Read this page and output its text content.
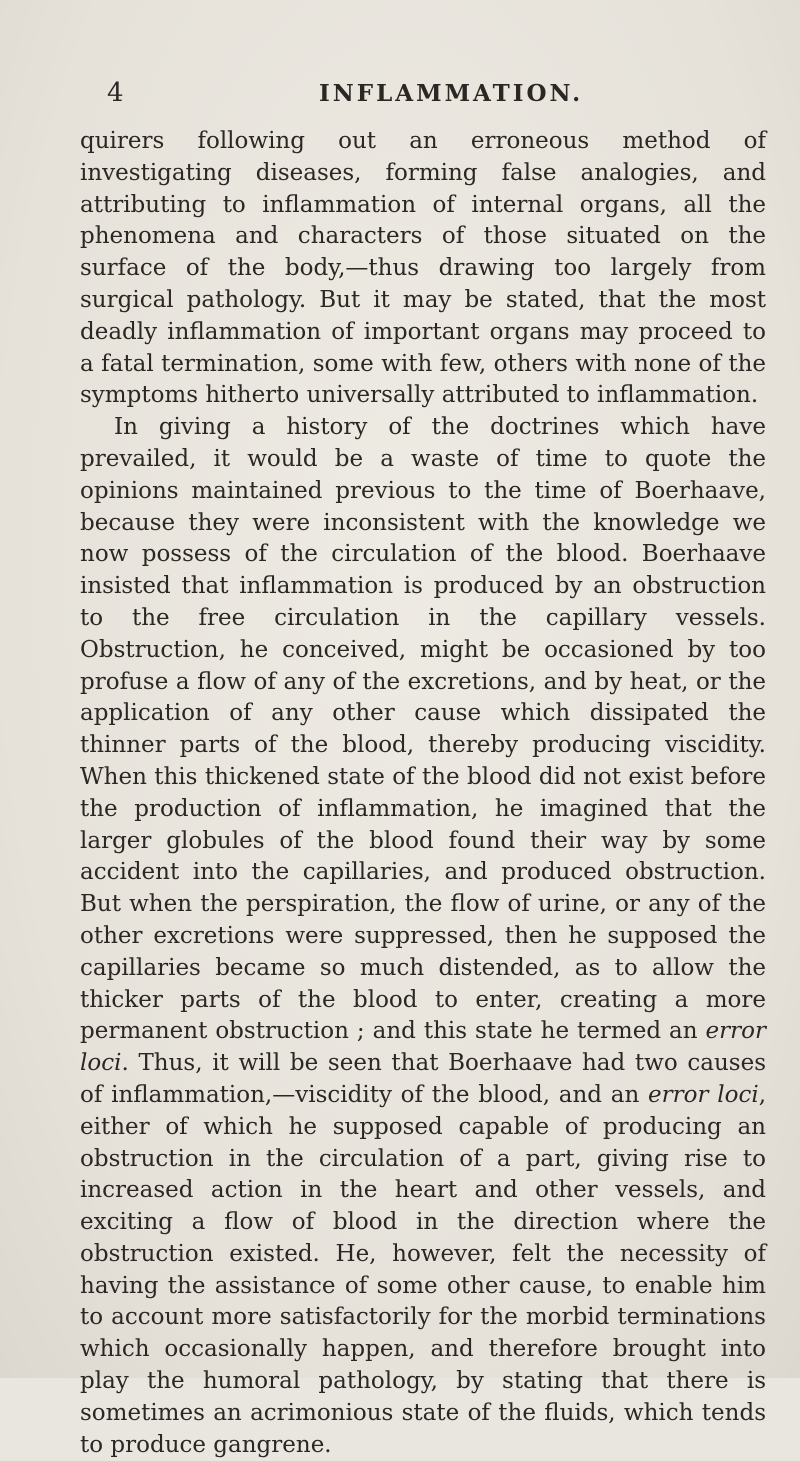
4	INFLAMMATION.

quirers following out an erroneous method of investigating diseases, forming false analogies, and attributing to inflammation of internal organs, all the phenomena and characters of those situated on the surface of the body,—thus drawing too largely from surgical pathology. But it may be stated, that the most deadly inflammation of important organs may proceed to a fatal termination, some with few, others with none of the symptoms hitherto universally attributed to inflammation.

In giving a history of the doctrines which have prevailed, it would be a waste of time to quote the opinions maintained previous to the time of Boerhaave, because they were inconsistent with the knowledge we now possess of the circulation of the blood. Boerhaave insisted that inflammation is produced by an obstruction to the free circulation in the capillary vessels. Obstruction, he conceived, might be occasioned by too profuse a flow of any of the excretions, and by heat, or the application of any other cause which dissipated the thinner parts of the blood, thereby producing viscidity. When this thickened state of the blood did not exist before the production of inflammation, he imagined that the larger globules of the blood found their way by some accident into the capillaries, and produced obstruction. But when the perspiration, the flow of urine, or any of the other excretions were suppressed, then he supposed the capillaries became so much distended, as to allow the thicker parts of the blood to enter, creating a more permanent obstruction ; and this state he termed an error loci. Thus, it will be seen that Boerhaave had two causes of inflammation,—viscidity of the blood, and an error loci, either of which he supposed capable of producing an obstruction in the circulation of a part, giving rise to increased action in the heart and other vessels, and exciting a flow of blood in the direction where the obstruction existed. He, however, felt the necessity of having the assistance of some other cause, to enable him to account more satisfactorily for the morbid terminations which occasionally happen, and therefore brought into play the humoral pathology, by stating that there is sometimes an acrimonious state of the fluids, which tends to produce gangrene.
